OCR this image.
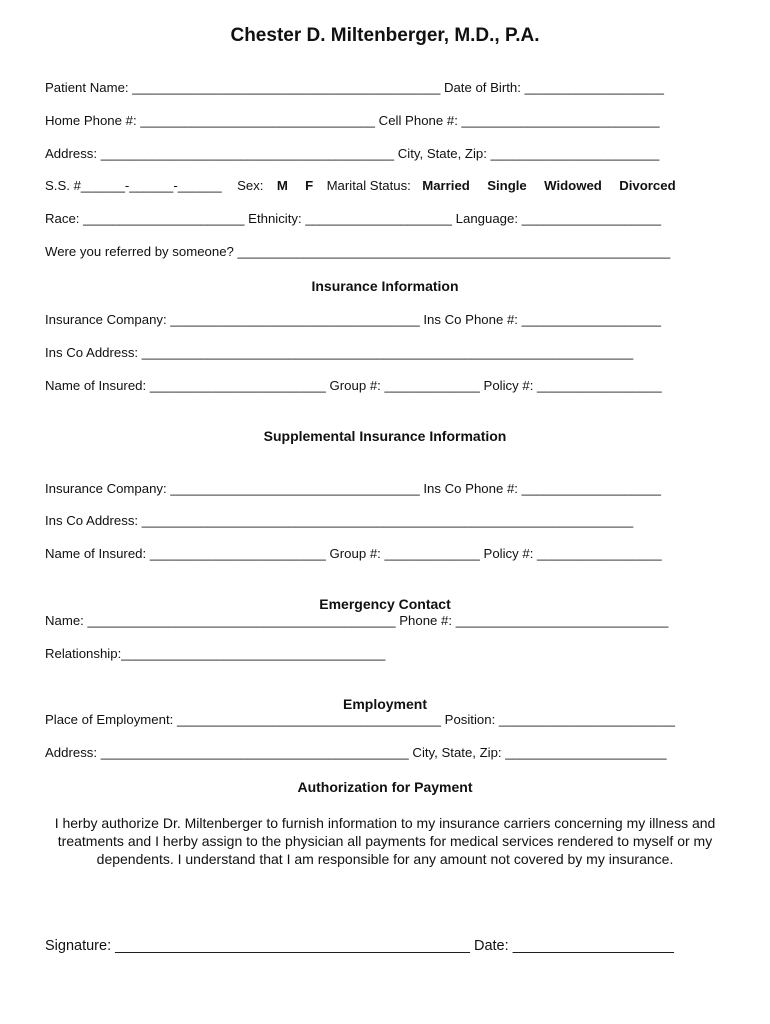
Chester D. Miltenberger, M.D., P.A.
Patient Name: __________________________________________ Date of Birth: ___________________
Home Phone #: ________________________________ Cell Phone #: ___________________________
Address: ________________________________________ City, State, Zip: _______________________
S.S. #______-______-______ Sex: M F Marital Status: Married Single Widowed Divorced
Race: ______________________ Ethnicity: ____________________ Language: ___________________
Were you referred by someone? ___________________________________________________________
Insurance Information
Insurance Company: __________________________________ Ins Co Phone #: ___________________
Ins Co Address: ___________________________________________________________________
Name of Insured: ________________________ Group #: _____________ Policy #: _________________
Supplemental Insurance Information
Insurance Company: __________________________________ Ins Co Phone #: ___________________
Ins Co Address: ___________________________________________________________________
Name of Insured: ________________________ Group #: _____________ Policy #: _________________
Emergency Contact
Name: __________________________________________ Phone #: _____________________________
Relationship:____________________________________
Employment
Place of Employment: ____________________________________ Position: ________________________
Address: __________________________________________ City, State, Zip: ______________________
Authorization for Payment
I herby authorize Dr. Miltenberger to furnish information to my insurance carriers concerning my illness and treatments and I herby assign to the physician all payments for medical services rendered to myself or my dependents. I understand that I am responsible for any amount not covered by my insurance.
Signature: ____________________________________________ Date: ____________________
